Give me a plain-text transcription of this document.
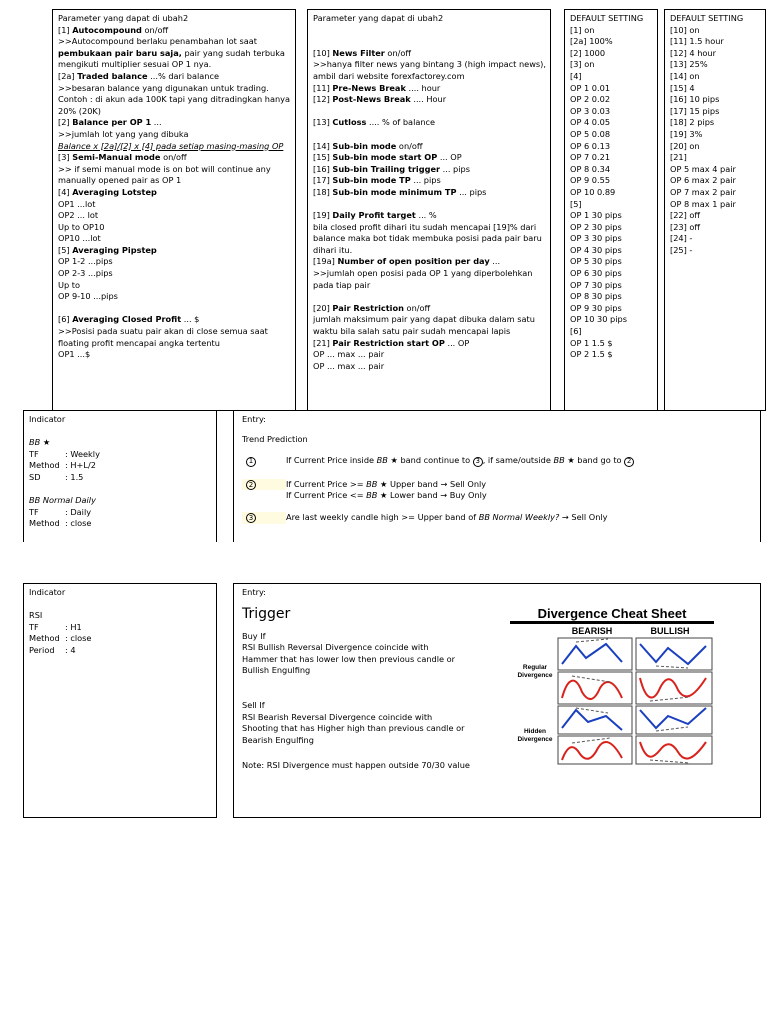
Parameter yang dapat di ubah2
[1] Autocompound on/off
>>Autocompound berlaku penambahan lot saat
pembukaan pair baru saja, pair yang sudah terbuka
mengikuti multiplier sesuai OP 1 nya.
[2a] Traded balance ...% dari balance
>>besaran balance yang digunakan untuk trading.
Contoh : di akun ada 100K tapi yang ditradingkan hanya
20% (20K)
[2] Balance per OP 1 ...
>>jumlah lot yang yang dibuka
Balance x [2a]/[2] x [4] pada setiap masing-masing OP
[3] Semi-Manual mode on/off
>> if semi manual mode is on bot will continue any
manually opened pair as OP 1
[4] Averaging Lotstep
OP1 ...lot
OP2 ... lot
Up to OP10
OP10 ...lot
[5] Averaging Pipstep
OP 1-2 ...pips
OP 2-3 ...pips
Up to
OP 9-10 ...pips
[6] Averaging Closed Profit ... $
>>Posisi pada suatu pair akan di close semua saat
floating profit mencapai angka tertentu
OP1 ...$
Parameter yang dapat di ubah2
[10] News Filter on/off
>>hanya filter news yang bintang 3 (high impact news),
ambil dari website forexfactorey.com
[11] Pre-News Break .... hour
[12] Post-News Break .... Hour
[13] Cutloss .... % of balance
[14] Sub-bin mode on/off
[15] Sub-bin mode start OP ... OP
[16] Sub-bin Trailing trigger ... pips
[17] Sub-bin mode TP ... pips
[18] Sub-bin mode minimum TP ... pips
[19] Daily Profit target ... %
bila closed profit dihari itu sudah mencapai [19]% dari
balance maka bot tidak membuka posisi pada pair baru
dihari itu.
[19a] Number of open position per day ...
>>jumlah open posisi pada OP 1 yang diperbolehkan
pada tiap pair
[20] Pair Restriction on/off
jumlah maksimum pair yang dapat dibuka dalam satu
waktu bila salah satu pair sudah mencapai lapis
[21] Pair Restriction start OP ... OP
OP ... max ... pair
OP ... max ... pair
DEFAULT SETTING
[1] on
[2a] 100%
[2] 1000
[3] on
[4]
OP 1 0.01
OP 2 0.02
OP 3 0.03
OP 4 0.05
OP 5 0.08
OP 6 0.13
OP 7 0.21
OP 8 0.34
OP 9 0.55
OP 10 0.89
[5]
OP 1 30 pips
OP 2 30 pips
OP 3 30 pips
OP 4 30 pips
OP 5 30 pips
OP 6 30 pips
OP 7 30 pips
OP 8 30 pips
OP 9 30 pips
OP 10 30 pips
[6]
OP 1 1.5 $
OP 2 1.5 $
DEFAULT SETTING
[10] on
[11] 1.5 hour
[12] 4 hour
[13] 25%
[14] on
[15] 4
[16] 10 pips
[17] 15 pips
[18] 2 pips
[19] 3%
[20] on
[21]
OP 5 max 4 pair
OP 6 max 2 pair
OP 7 max 2 pair
OP 8 max 1 pair
[22] off
[23] off
[24] -
[25] -
Indicator
BB ★
TF	: Weekly
Method : H+L/2
SD	: 1.5
BB Normal Daily
TF	: Daily
Method : close
Entry:
Trend Prediction
1	If Current Price inside BB ★ band continue to 3 , if same/outside BB ★ band go to 2
2	If Current Price >= BB ★ Upper band → Sell Only
If Current Price <= BB ★ Lower band → Buy Only
3	Are last weekly candle high >= Upper band of BB Normal Weekly? → Sell Only
Indicator
RSI
TF	: H1
Method : close
Period	: 4
Entry:
Trigger
Buy If
RSI Bullish Reversal Divergence coincide with
Hammer that has lower low then previous candle or
Bullish Engulfing
Sell If
RSI Bearish Reversal Divergence coincide with
Shooting that has Higher high than previous candle or
Bearish Engulfing
Note: RSI Divergence must happen outside 70/30 value
Divergence Cheat Sheet
BEARISH	BULLISH
Regular
Divergence
Hidden
Divergence
